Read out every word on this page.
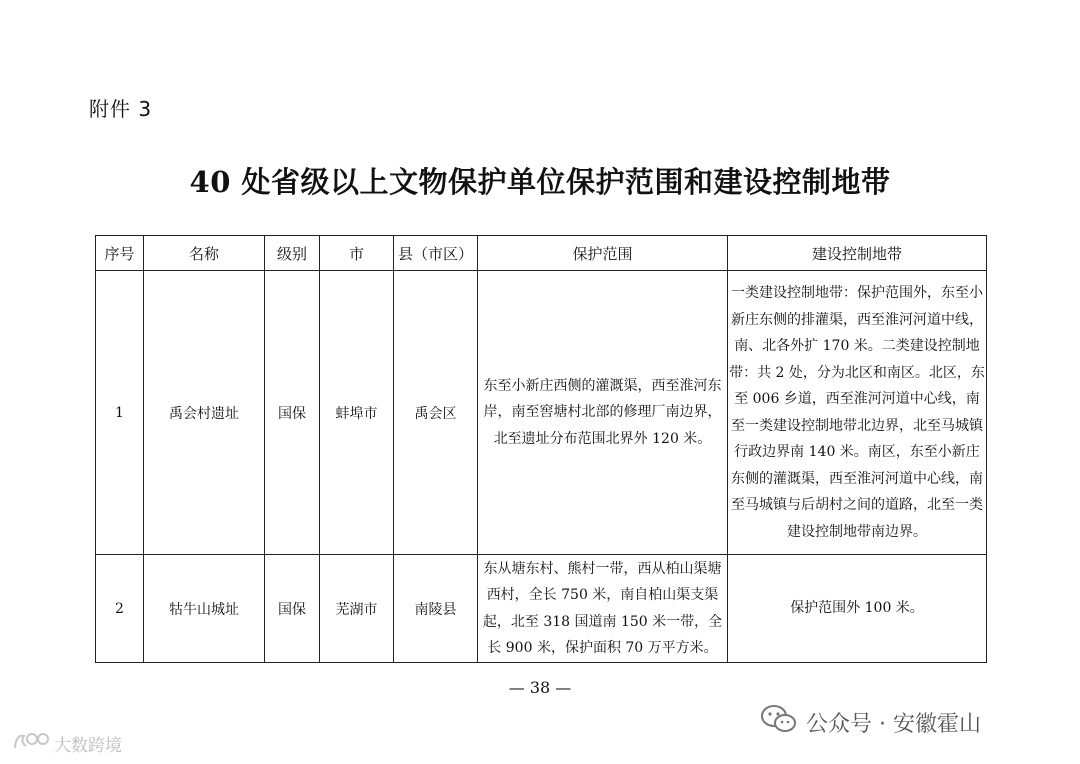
附件 3
40 处省级以上文物保护单位保护范围和建设控制地带
序号	名称	级别	市	县（市区）	保护范围	建设控制地带
1	禹会村遗址	国保	蚌埠市	禹会区	东至小新庄西侧的灌溉渠，西至淮河东岸，南至窖塘村北部的修理厂南边界，北至遗址分布范围北界外 120 米。	一类建设控制地带：保护范围外，东至小新庄东侧的排灌渠，西至淮河河道中线，南、北各外扩 170 米。二类建设控制地带：共 2 处，分为北区和南区。北区，东至 006 乡道，西至淮河河道中心线，南至一类建设控制地带北边界，北至马城镇行政边界南 140 米。南区，东至小新庄东侧的灌溉渠，西至淮河河道中心线，南至马城镇与后胡村之间的道路，北至一类建设控制地带南边界。

2	牯牛山城址	国保	芜湖市	南陵县	东从塘东村、熊村一带，西从柏山渠塘西村，全长 750 米，南自柏山渠支渠起，北至 318 国道南 150 米一带，全长 900 米，保护面积 70 万平方米。	保护范围外 100 米。
— 38 —
公众号 · 安徽霍山
大数跨境
